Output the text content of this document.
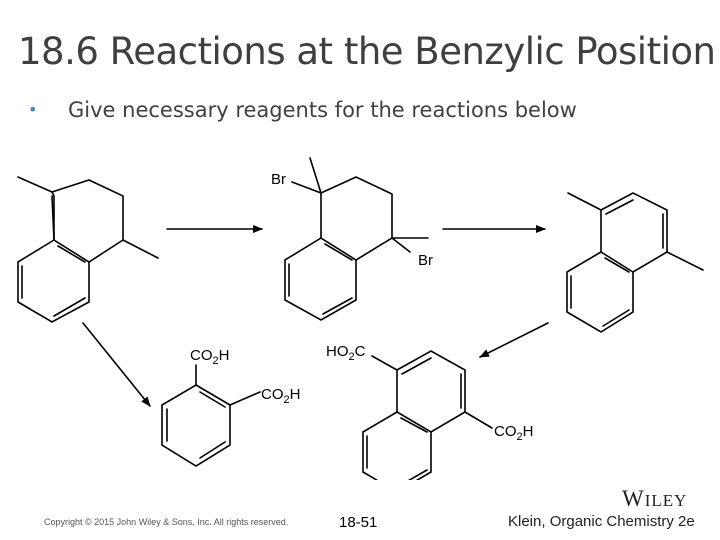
18.6 Reactions at the Benzylic Position
• Give necessary reagents for the reactions below
Br
Br
$CO_2H$
$CO_2H$
$HO_2C$
$CO_2H$
WILEY
Copyright © 2015 John Wiley & Sons, Inc. All rights reserved.	18-51	Klein, Organic Chemistry 2e
